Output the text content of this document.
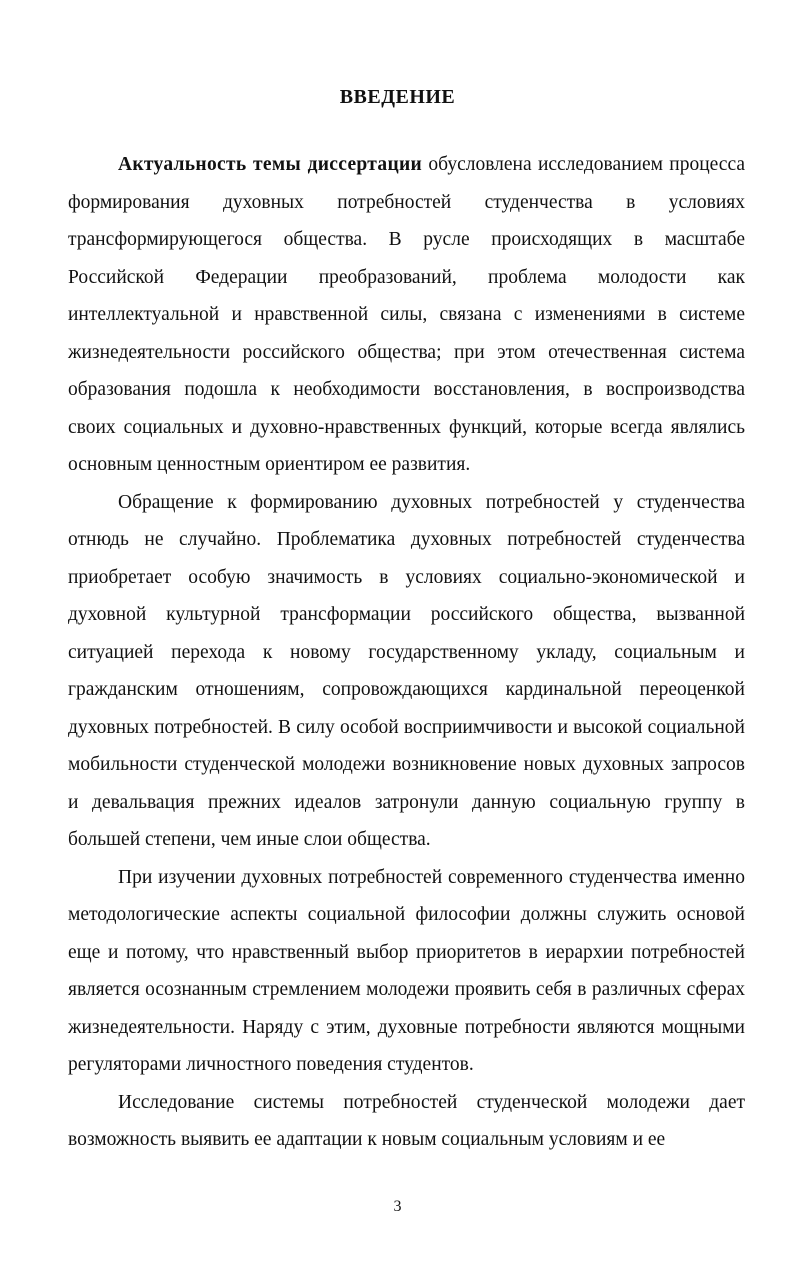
ВВЕДЕНИЕ

Актуальность темы диссертации обусловлена исследованием процесса формирования духовных потребностей студенчества в условиях трансформирующегося общества. В русле происходящих в масштабе Российской Федерации преобразований, проблема молодости как интеллектуальной и нравственной силы, связана с изменениями в системе жизнедеятельности российского общества; при этом отечественная система образования подошла к необходимости восстановления, в воспроизводства своих социальных и духовно-нравственных функций, которые всегда являлись основным ценностным ориентиром ее развития.

Обращение к формированию духовных потребностей у студенчества отнюдь не случайно. Проблематика духовных потребностей студенчества приобретает особую значимость в условиях социально-экономической и духовной культурной трансформации российского общества, вызванной ситуацией перехода к новому государственному укладу, социальным и гражданским отношениям, сопровождающихся кардинальной переоценкой духовных потребностей. В силу особой восприимчивости и высокой социальной мобильности студенческой молодежи возникновение новых духовных запросов и девальвация прежних идеалов затронули данную социальную группу в большей степени, чем иные слои общества.

При изучении духовных потребностей современного студенчества именно методологические аспекты социальной философии должны служить основой еще и потому, что нравственный выбор приоритетов в иерархии потребностей является осознанным стремлением молодежи проявить себя в различных сферах жизнедеятельности. Наряду с этим, духовные потребности являются мощными регуляторами личностного поведения студентов.

Исследование системы потребностей студенческой молодежи дает возможность выявить ее адаптации к новым социальным условиям и ее

3
